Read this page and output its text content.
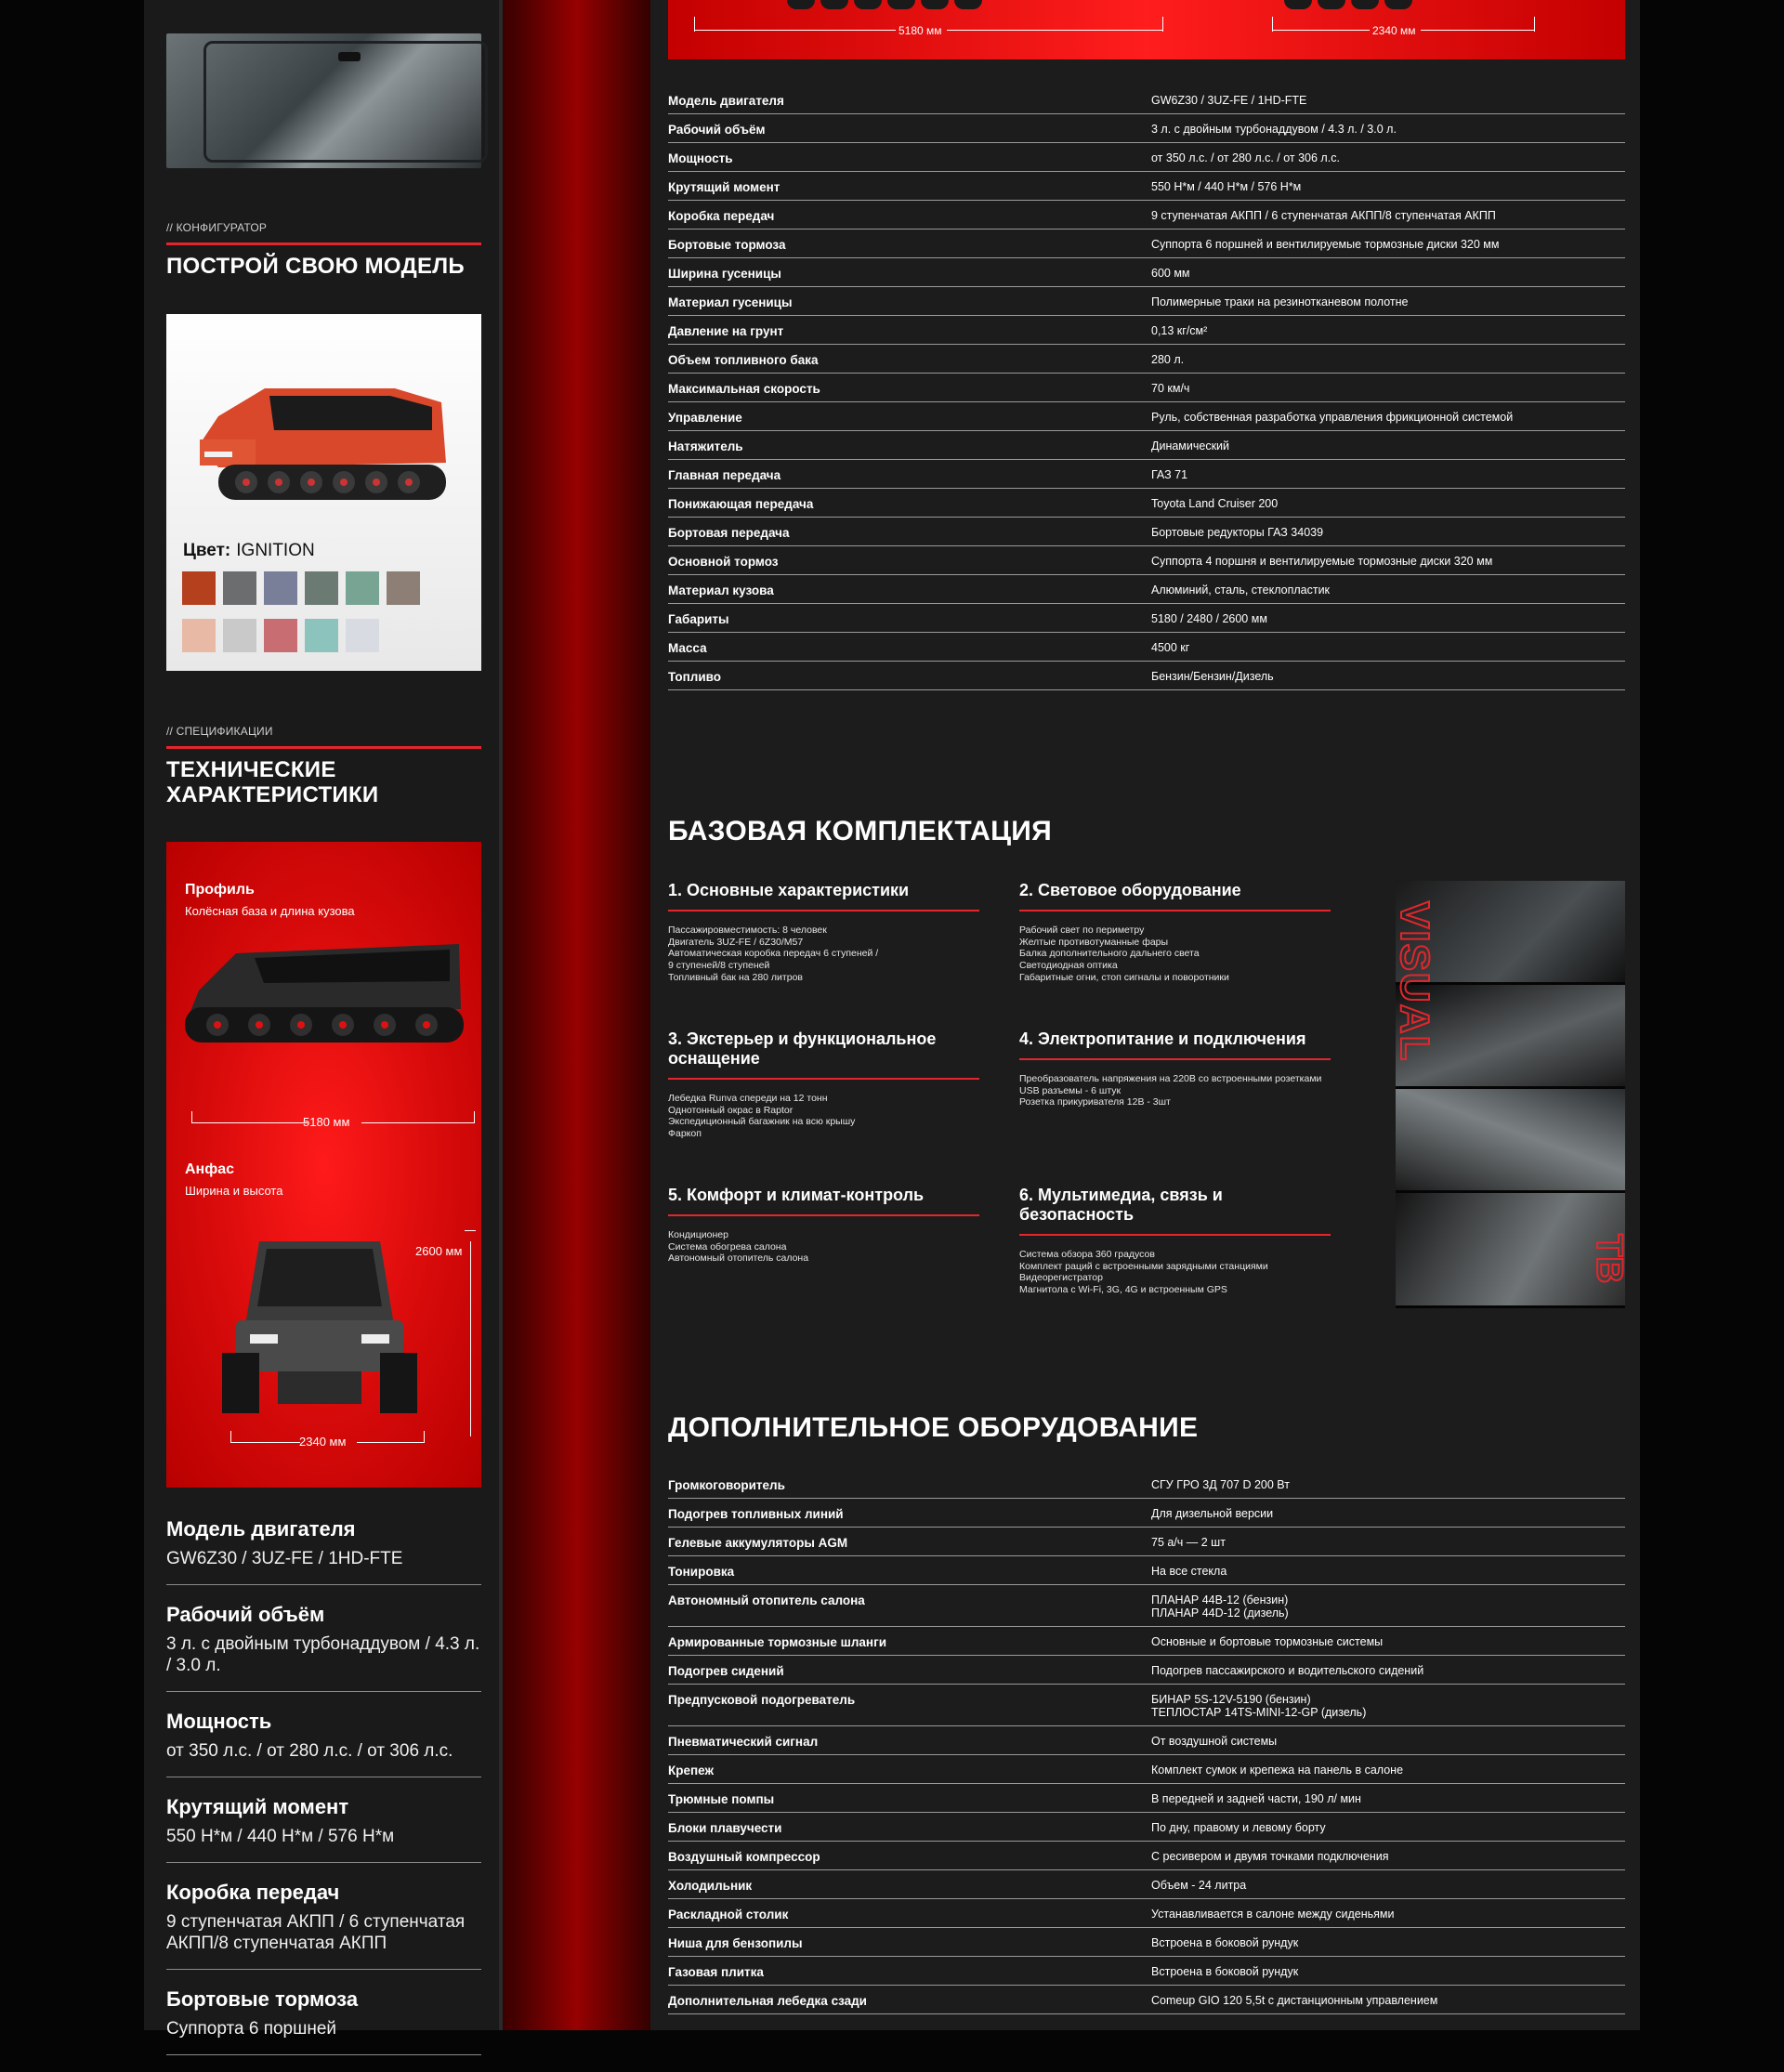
// КОНФИГУРАТОР
ПОСТРОЙ СВОЮ МОДЕЛЬ
Цвет: IGNITION

// СПЕЦИФИКАЦИИ
ТЕХНИЧЕСКИЕ
ХАРАКТЕРИСТИКИ
Профиль
Колёсная база и длина кузова
5180 мм
Анфас
Ширина и высота
2600 мм
2340 мм
Модель двигателя
GW6Z30 / 3UZ-FE / 1HD-FTE
Рабочий объём
3 л. с двойным турбонаддувом / 4.3 л. / 3.0 л.
Мощность
от 350 л.с. / от 280 л.с. / от 306 л.с.
Крутящий момент
550 Н*м / 440 Н*м / 576 Н*м
Коробка передач
9 ступенчатая АКПП / 6 ступенчатая АКПП/8 ступенчатая АКПП
Бортовые тормоза
Суппорта 6 поршней
5180 мм	2340 мм
Модель двигателя	GW6Z30 / 3UZ-FE / 1HD-FTE
Рабочий объём	3 л. с двойным турбонаддувом / 4.3 л. / 3.0 л.
Мощность	от 350 л.с. / от 280 л.с. / от 306 л.с.
Крутящий момент	550 Н*м / 440 Н*м / 576 Н*м
Коробка передач	9 ступенчатая АКПП / 6 ступенчатая АКПП/8 ступенчатая АКПП
Бортовые тормоза	Суппорта 6 поршней и вентилируемые тормозные диски 320 мм
Ширина гусеницы	600 мм
Материал гусеницы	Полимерные траки на резинотканевом полотне
Давление на грунт	0,13 кг/см²
Объем топливного бака	280 л.
Максимальная скорость	70 км/ч
Управление	Руль, собственная разработка управления фрикционной системой
Натяжитель	Динамический
Главная передача	ГАЗ 71
Понижающая передача	Toyota Land Cruiser 200
Бортовая передача	Бортовые редукторы ГАЗ 34039
Основной тормоз	Суппорта 4 поршня и вентилируемые тормозные диски 320 мм
Материал кузова	Алюминий, сталь, стеклопластик
Габариты	5180 / 2480 / 2600 мм
Масса	4500 кг
Топливо	Бензин/Бензин/Дизель
БАЗОВАЯ КОМПЛЕКТАЦИЯ
1. Основные характеристики
Пассажировместимость: 8 человек
Двигатель 3UZ-FE / 6Z30/M57
Автоматическая коробка передач 6 ступеней /
9 ступеней/8 ступеней
Топливный бак на 280 литров
2. Световое оборудование
Рабочий свет по периметру
Желтые противотуманные фары
Балка дополнительного дальнего света
Светодиодная оптика
Габаритные огни, стоп сигналы и поворотники
3. Экстерьер и функциональное оснащение
Лебедка Runva спереди на 12 тонн
Однотонный окрас в Raptor
Экспедиционный багажник на всю крышу
Фаркоп
4. Электропитание и подключения
Преобразователь напряжения на 220В со встроенными розетками
USB разъемы - 6 штук
Розетка прикуривателя 12В - 3шт
5. Комфорт и климат-контроль
Кондиционер
Система обогрева салона
Автономный отопитель салона
6. Мультимедиа, связь и безопасность
Система обзора 360 градусов
Комплект раций с встроенными зарядными станциями
Видеорегистратор
Магнитола с Wi-Fi, 3G, 4G и встроенным GPS
VISUAL
TB
ДОПОЛНИТЕЛЬНОЕ ОБОРУДОВАНИЕ
Громкоговоритель	СГУ ГРО 3Д 707 D 200 Вт
Подогрев топливных линий	Для дизельной версии
Гелевые аккумуляторы AGM	75 а/ч — 2 шт
Тонировка	На все стекла
Автономный отопитель салона	ПЛАНАР 44В-12 (бензин)
ПЛАНАР 44D-12 (дизель)
Армированные тормозные шланги	Основные и бортовые тормозные системы
Подогрев сидений	Подогрев пассажирского и водительского сидений
Предпусковой подогреватель	БИНАР 5S-12V-5190 (бензин)
ТЕПЛОСТАР 14TS-MINI-12-GP (дизель)
Пневматический сигнал	От воздушной системы
Крепеж	Комплект сумок и крепежа на панель в салоне
Трюмные помпы	В передней и задней части, 190 л/ мин
Блоки плавучести	По дну, правому и левому борту
Воздушный компрессор	С ресивером и двумя точками подключения
Холодильник	Объем - 24 литра
Раскладной столик	Устанавливается в салоне между сиденьями
Ниша для бензопилы	Встроена в боковой рундук
Газовая плитка	Встроена в боковой рундук
Дополнительная лебедка сзади	Comeup GIO 120 5,5t с дистанционным управлением
